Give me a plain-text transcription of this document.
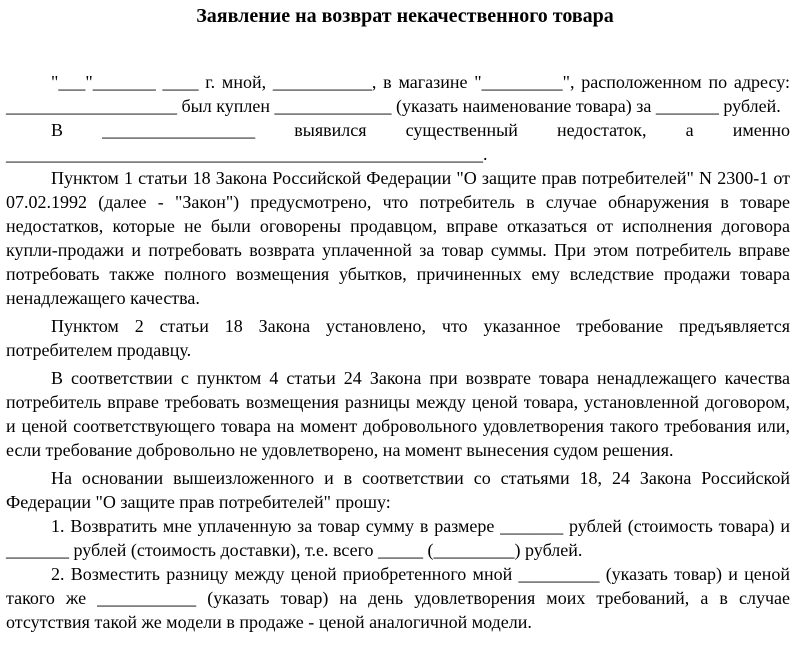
Заявление на возврат некачественного товара

"___"_______ ____ г. мной, ___________, в магазине "_________", расположенном по адресу: ___________________ был куплен _____________ (указать наименование товара) за _______ рублей.

В _________________ выявился существенный недостаток, а именно

_____________________________________________________.

Пунктом 1 статьи 18 Закона Российской Федерации "О защите прав потребителей" N 2300-1 от 07.02.1992 (далее - "Закон") предусмотрено, что потребитель в случае обнаружения в товаре недостатков, которые не были оговорены продавцом, вправе отказаться от исполнения договора купли-продажи и потребовать возврата уплаченной за товар суммы. При этом потребитель вправе потребовать также полного возмещения убытков, причиненных ему вследствие продажи товара ненадлежащего качества.

Пунктом 2 статьи 18 Закона установлено, что указанное требование предъявляется потребителем продавцу.

В соответствии с пунктом 4 статьи 24 Закона при возврате товара ненадлежащего качества потребитель вправе требовать возмещения разницы между ценой товара, установленной договором, и ценой соответствующего товара на момент добровольного удовлетворения такого требования или, если требование добровольно не удовлетворено, на момент вынесения судом решения.

На основании вышеизложенного и в соответствии со статьями 18, 24 Закона Российской Федерации "О защите прав потребителей" прошу:

1. Возвратить мне уплаченную за товар сумму в размере _______ рублей (стоимость товара) и _______ рублей (стоимость доставки), т.е. всего _____ (_________) рублей.

2. Возместить разницу между ценой приобретенного мной _________ (указать товар) и ценой такого же ___________ (указать товар) на день удовлетворения моих требований, а в случае отсутствия такой же модели в продаже - ценой аналогичной модели.
